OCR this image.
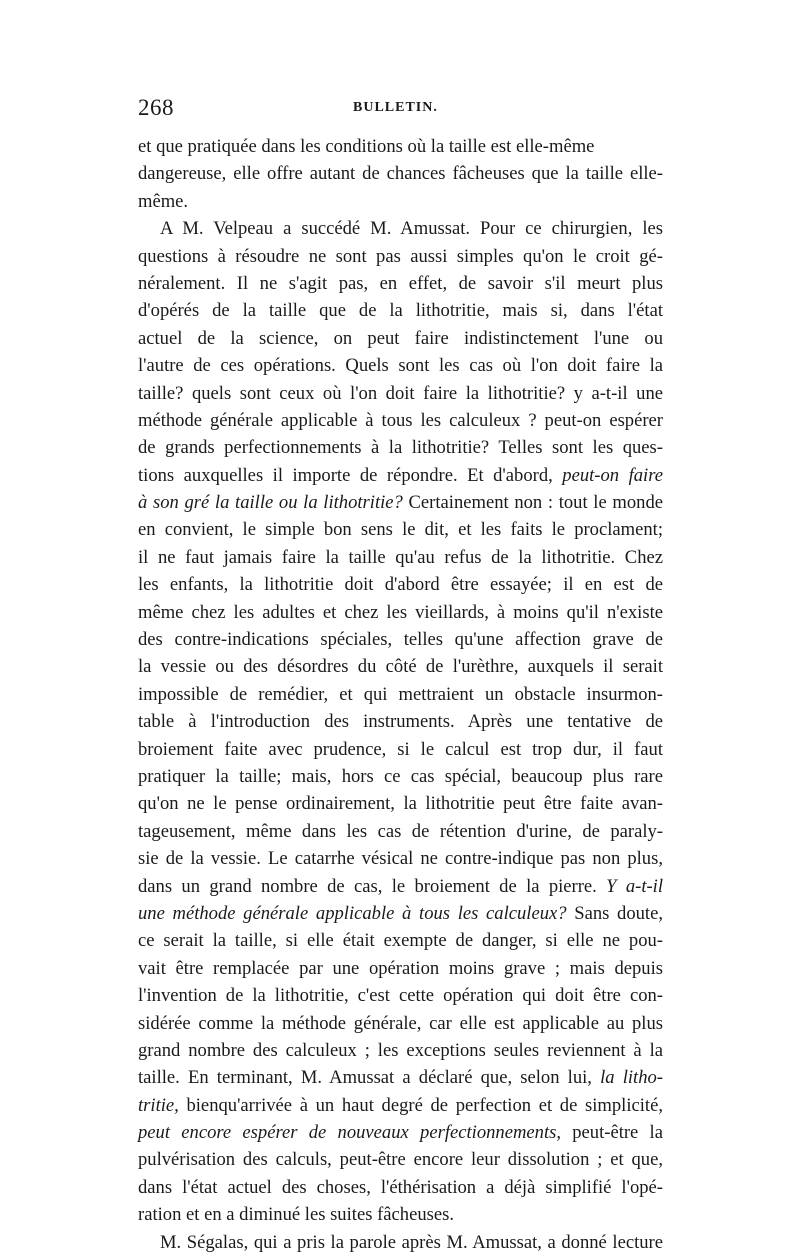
268	BULLETIN.
et que pratiquée dans les conditions où la taille est elle-même
dangereuse, elle offre autant de chances fâcheuses que la taille elle-
même.
A M. Velpeau a succédé M. Amussat. Pour ce chirurgien, les
questions à résoudre ne sont pas aussi simples qu'on le croit gé-
néralement. Il ne s'agit pas, en effet, de savoir s'il meurt plus
d'opérés de la taille que de la lithotritie, mais si, dans l'état
actuel de la science, on peut faire indistinctement l'une ou
l'autre de ces opérations. Quels sont les cas où l'on doit faire la
taille? quels sont ceux où l'on doit faire la lithotritie? y a-t-il une
méthode générale applicable à tous les calculeux ? peut-on espérer
de grands perfectionnements à la lithotritie? Telles sont les ques-
tions auxquelles il importe de répondre. Et d'abord, peut-on faire
à son gré la taille ou la lithotritie? Certainement non : tout le monde
en convient, le simple bon sens le dit, et les faits le proclament;
il ne faut jamais faire la taille qu'au refus de la lithotritie. Chez
les enfants, la lithotritie doit d'abord être essayée; il en est de
même chez les adultes et chez les vieillards, à moins qu'il n'existe
des contre-indications spéciales, telles qu'une affection grave de
la vessie ou des désordres du côté de l'urèthre, auxquels il serait
impossible de remédier, et qui mettraient un obstacle insurmon-
table à l'introduction des instruments. Après une tentative de
broiement faite avec prudence, si le calcul est trop dur, il faut
pratiquer la taille; mais, hors ce cas spécial, beaucoup plus rare
qu'on ne le pense ordinairement, la lithotritie peut être faite avan-
tageusement, même dans les cas de rétention d'urine, de paraly-
sie de la vessie. Le catarrhe vésical ne contre-indique pas non plus,
dans un grand nombre de cas, le broiement de la pierre. Y a-t-il
une méthode générale applicable à tous les calculeux? Sans doute,
ce serait la taille, si elle était exempte de danger, si elle ne pou-
vait être remplacée par une opération moins grave ; mais depuis
l'invention de la lithotritie, c'est cette opération qui doit être con-
sidérée comme la méthode générale, car elle est applicable au plus
grand nombre des calculeux ; les exceptions seules reviennent à la
taille. En terminant, M. Amussat a déclaré que, selon lui, la litho-
tritie, bienqu'arrivée à un haut degré de perfection et de simplicité,
peut encore espérer de nouveaux perfectionnements, peut-être la
pulvérisation des calculs, peut-être encore leur dissolution ; et que,
dans l'état actuel des choses, l'éthérisation a déjà simplifié l'opé-
ration et en a diminué les suites fâcheuses.
M. Ségalas, qui a pris la parole après M. Amussat, a donné lecture
